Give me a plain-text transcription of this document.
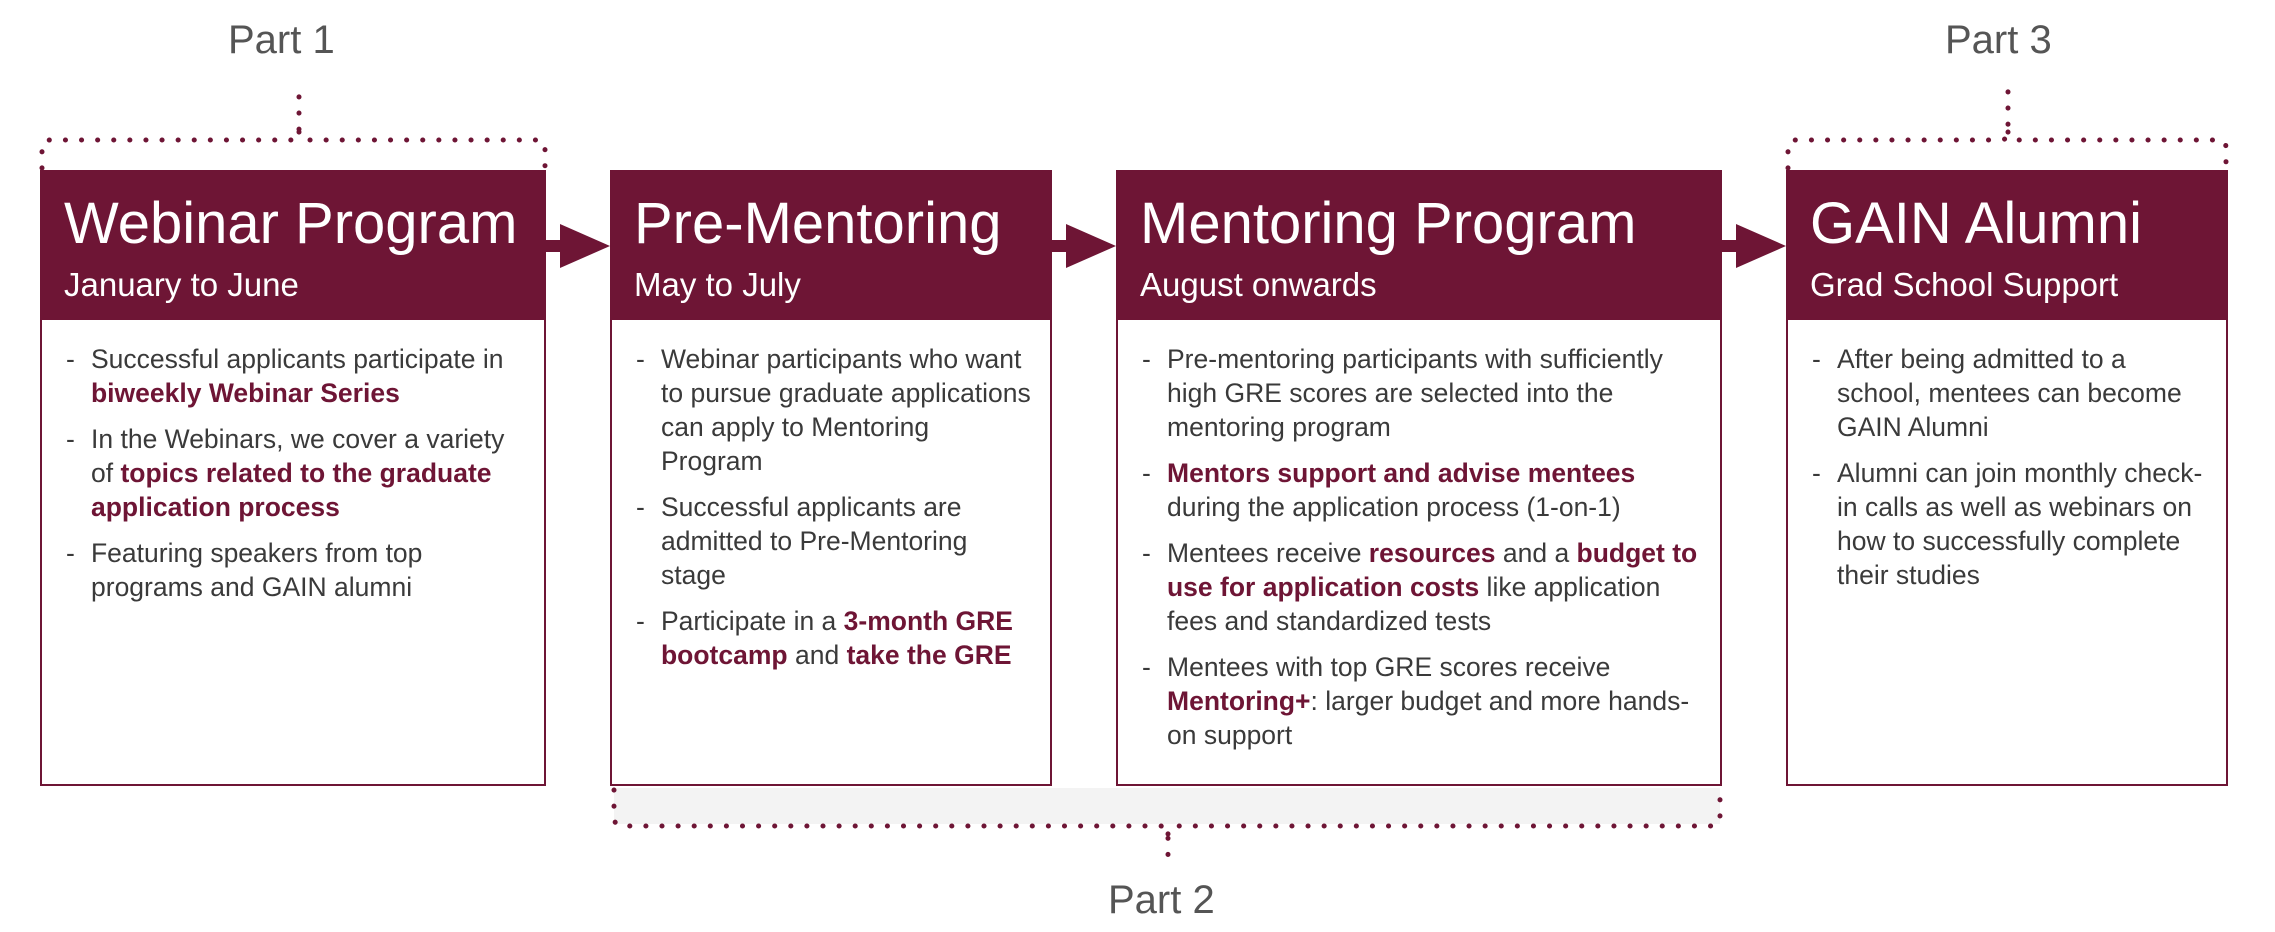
Part 1	Part 3
Part 2
Webinar Program
January to June
- Successful applicants participate in biweekly Webinar Series
- In the Webinars, we cover a variety of topics related to the graduate application process
- Featuring speakers from top programs and GAIN alumni
Pre-Mentoring
May to July
- Webinar participants who want to pursue graduate applications can apply to Mentoring Program
- Successful applicants are admitted to Pre-Mentoring stage
- Participate in a 3-month GRE bootcamp and take the GRE
Mentoring Program
August onwards
- Pre-mentoring participants with sufficiently high GRE scores are selected into the mentoring program
- Mentors support and advise mentees during the application process (1-on-1)
- Mentees receive resources and a budget to use for application costs like application fees and standardized tests
- Mentees with top GRE scores receive Mentoring+: larger budget and more hands-on support
GAIN Alumni
Grad School Support
- After being admitted to a school, mentees can become GAIN Alumni
- Alumni can join monthly check-in calls as well as webinars on how to successfully complete their studies
